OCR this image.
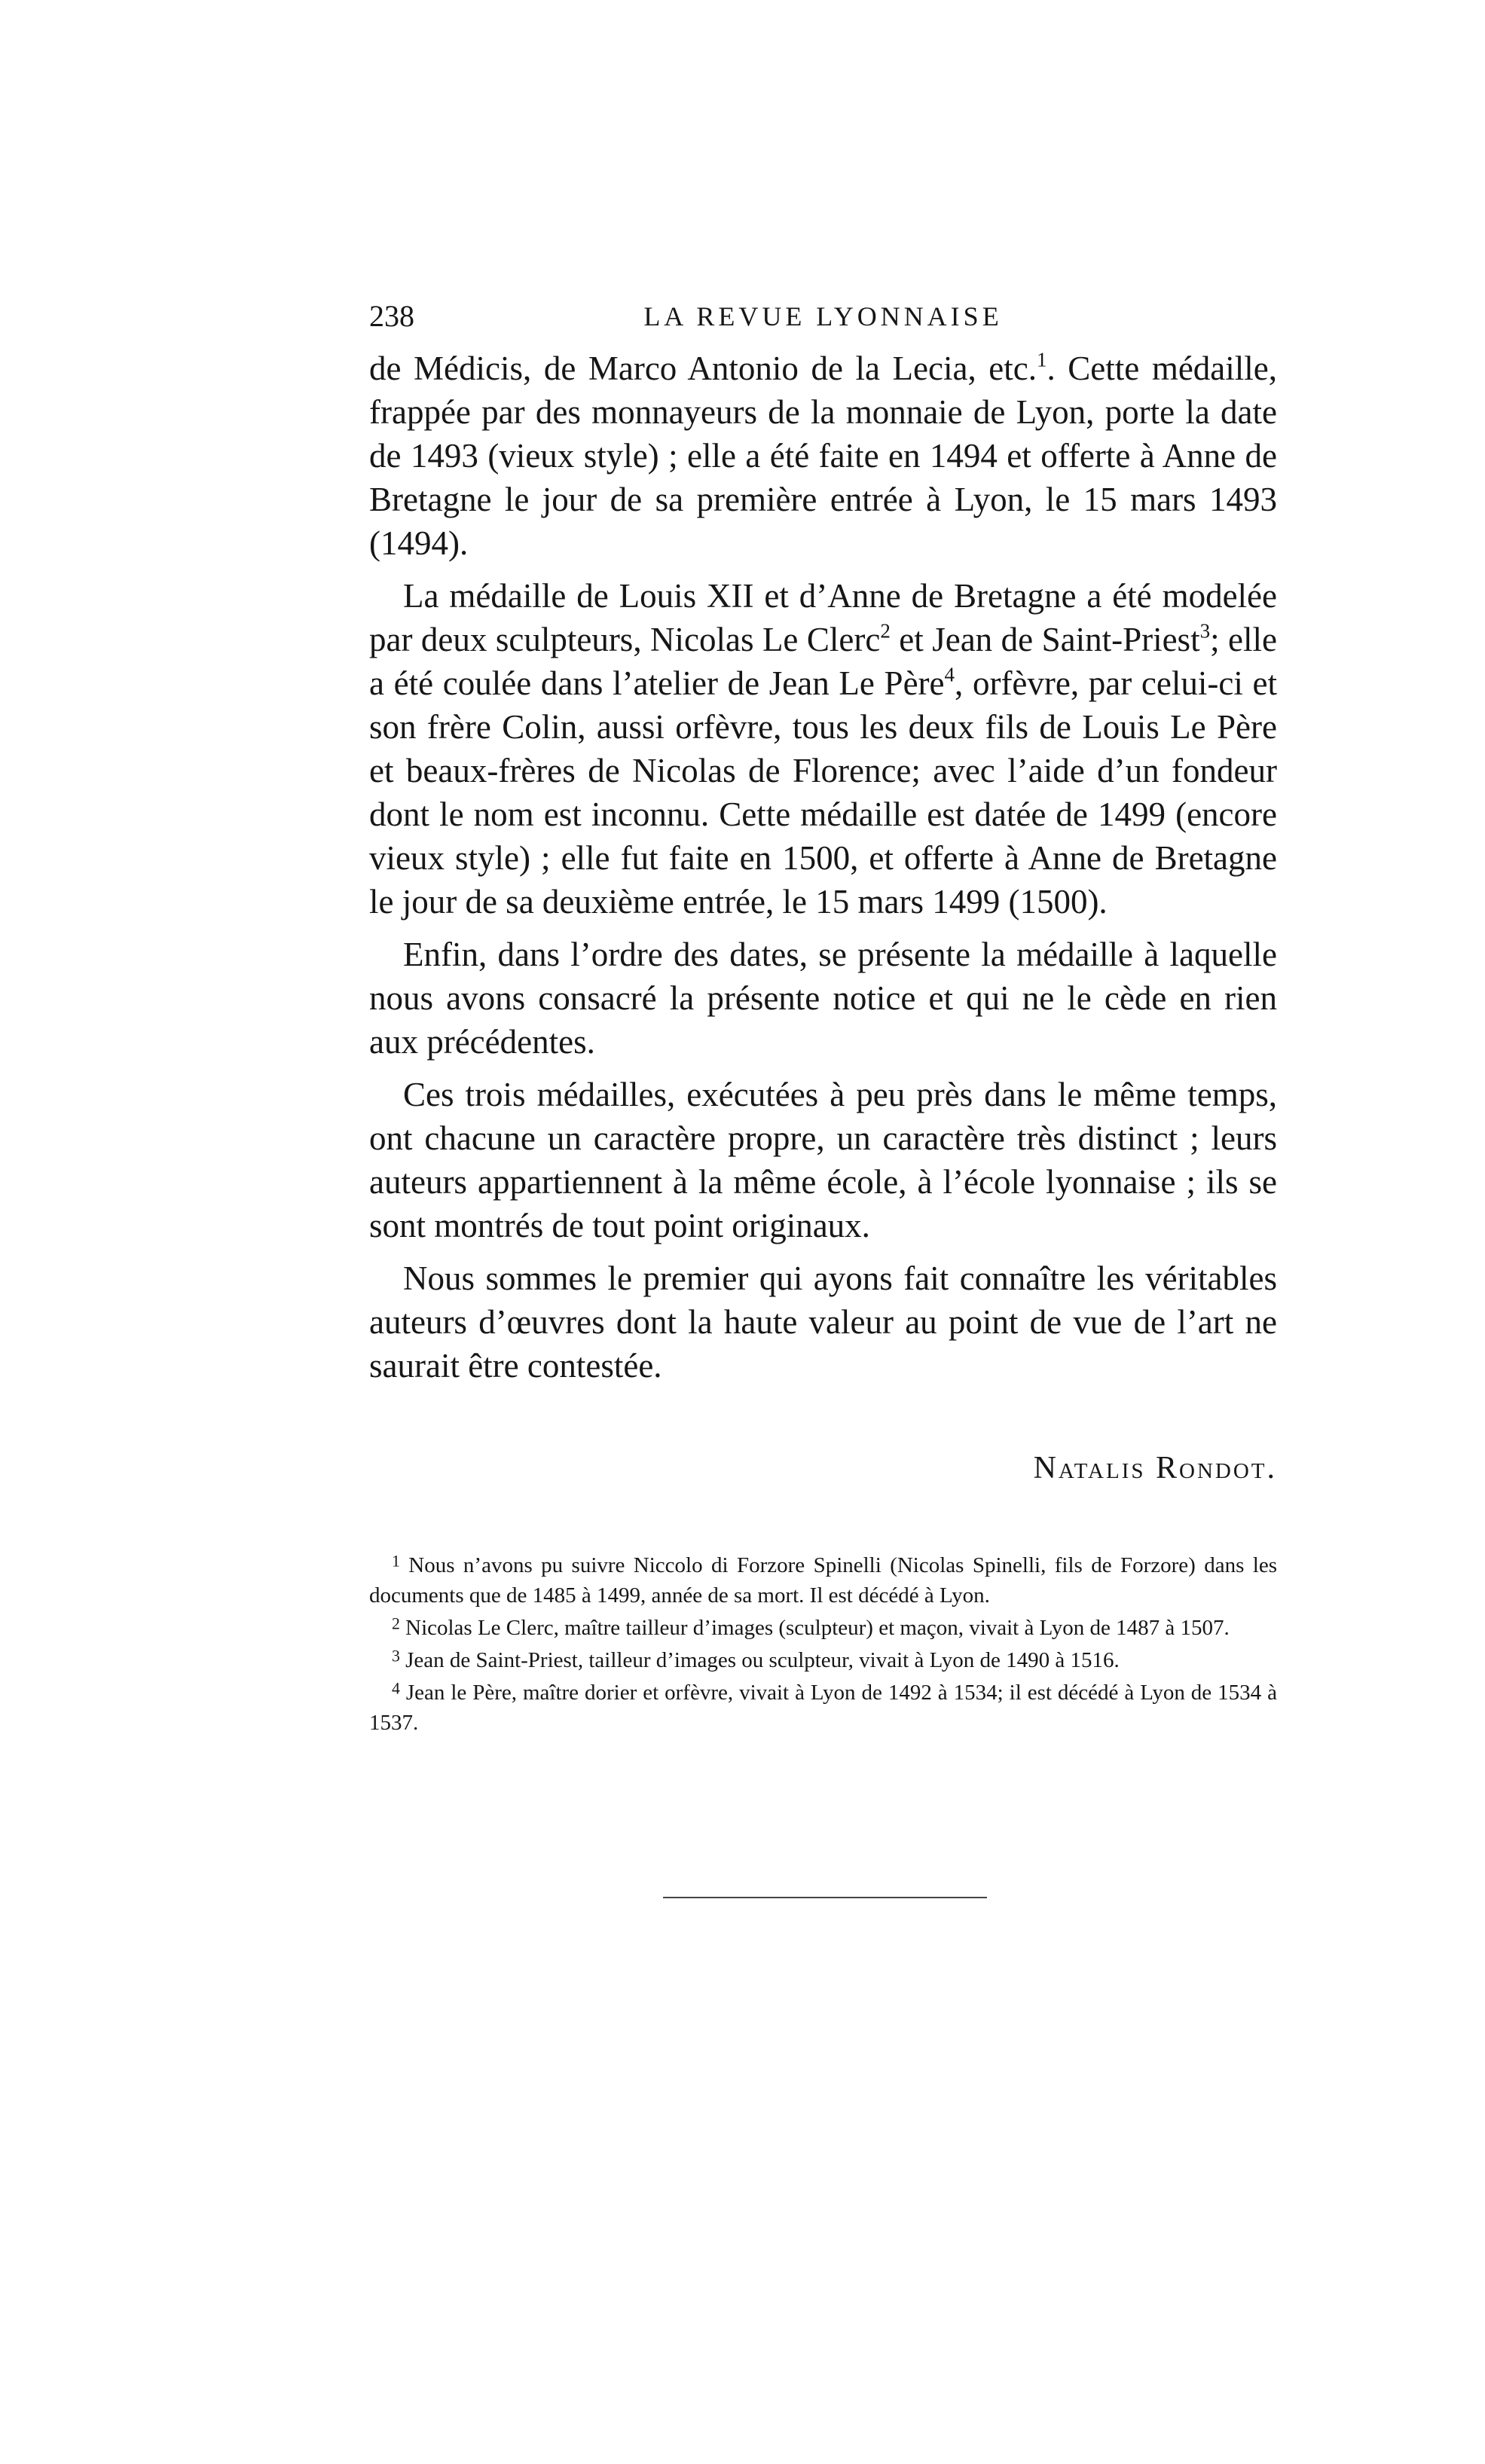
238	LA REVUE LYONNAISE

de Médicis, de Marco Antonio de la Lecia, etc.$^1$. Cette médaille, frappée par des monnayeurs de la monnaie de Lyon, porte la date de 1493 (vieux style) ; elle a été faite en 1494 et offerte à Anne de Bretagne le jour de sa première entrée à Lyon, le 15 mars 1493 (1494).

La médaille de Louis XII et d’Anne de Bretagne a été modelée par deux sculpteurs, Nicolas Le Clerc$^2$ et Jean de Saint-Priest$^3$; elle a été coulée dans l’atelier de Jean Le Père$^4$, orfèvre, par celui-ci et son frère Colin, aussi orfèvre, tous les deux fils de Louis Le Père et beaux-frères de Nicolas de Florence; avec l’aide d’un fondeur dont le nom est inconnu. Cette médaille est datée de 1499 (encore vieux style) ; elle fut faite en 1500, et offerte à Anne de Bretagne le jour de sa deuxième entrée, le 15 mars 1499 (1500).

Enfin, dans l’ordre des dates, se présente la médaille à laquelle nous avons consacré la présente notice et qui ne le cède en rien aux précédentes.

Ces trois médailles, exécutées à peu près dans le même temps, ont chacune un caractère propre, un caractère très distinct ; leurs auteurs appartiennent à la même école, à l’école lyonnaise ; ils se sont montrés de tout point originaux.

Nous sommes le premier qui ayons fait connaître les véritables auteurs d’œuvres dont la haute valeur au point de vue de l’art ne saurait être contestée.

Natalis Rondot.

$^1$ Nous n’avons pu suivre Niccolo di Forzore Spinelli (Nicolas Spinelli, fils de Forzore) dans les documents que de 1485 à 1499, année de sa mort. Il est décédé à Lyon.

$^2$ Nicolas Le Clerc, maître tailleur d’images (sculpteur) et maçon, vivait à Lyon de 1487 à 1507.

$^3$ Jean de Saint-Priest, tailleur d’images ou sculpteur, vivait à Lyon de 1490 à 1516.

$^4$ Jean le Père, maître dorier et orfèvre, vivait à Lyon de 1492 à 1534; il est décédé à Lyon de 1534 à 1537.
